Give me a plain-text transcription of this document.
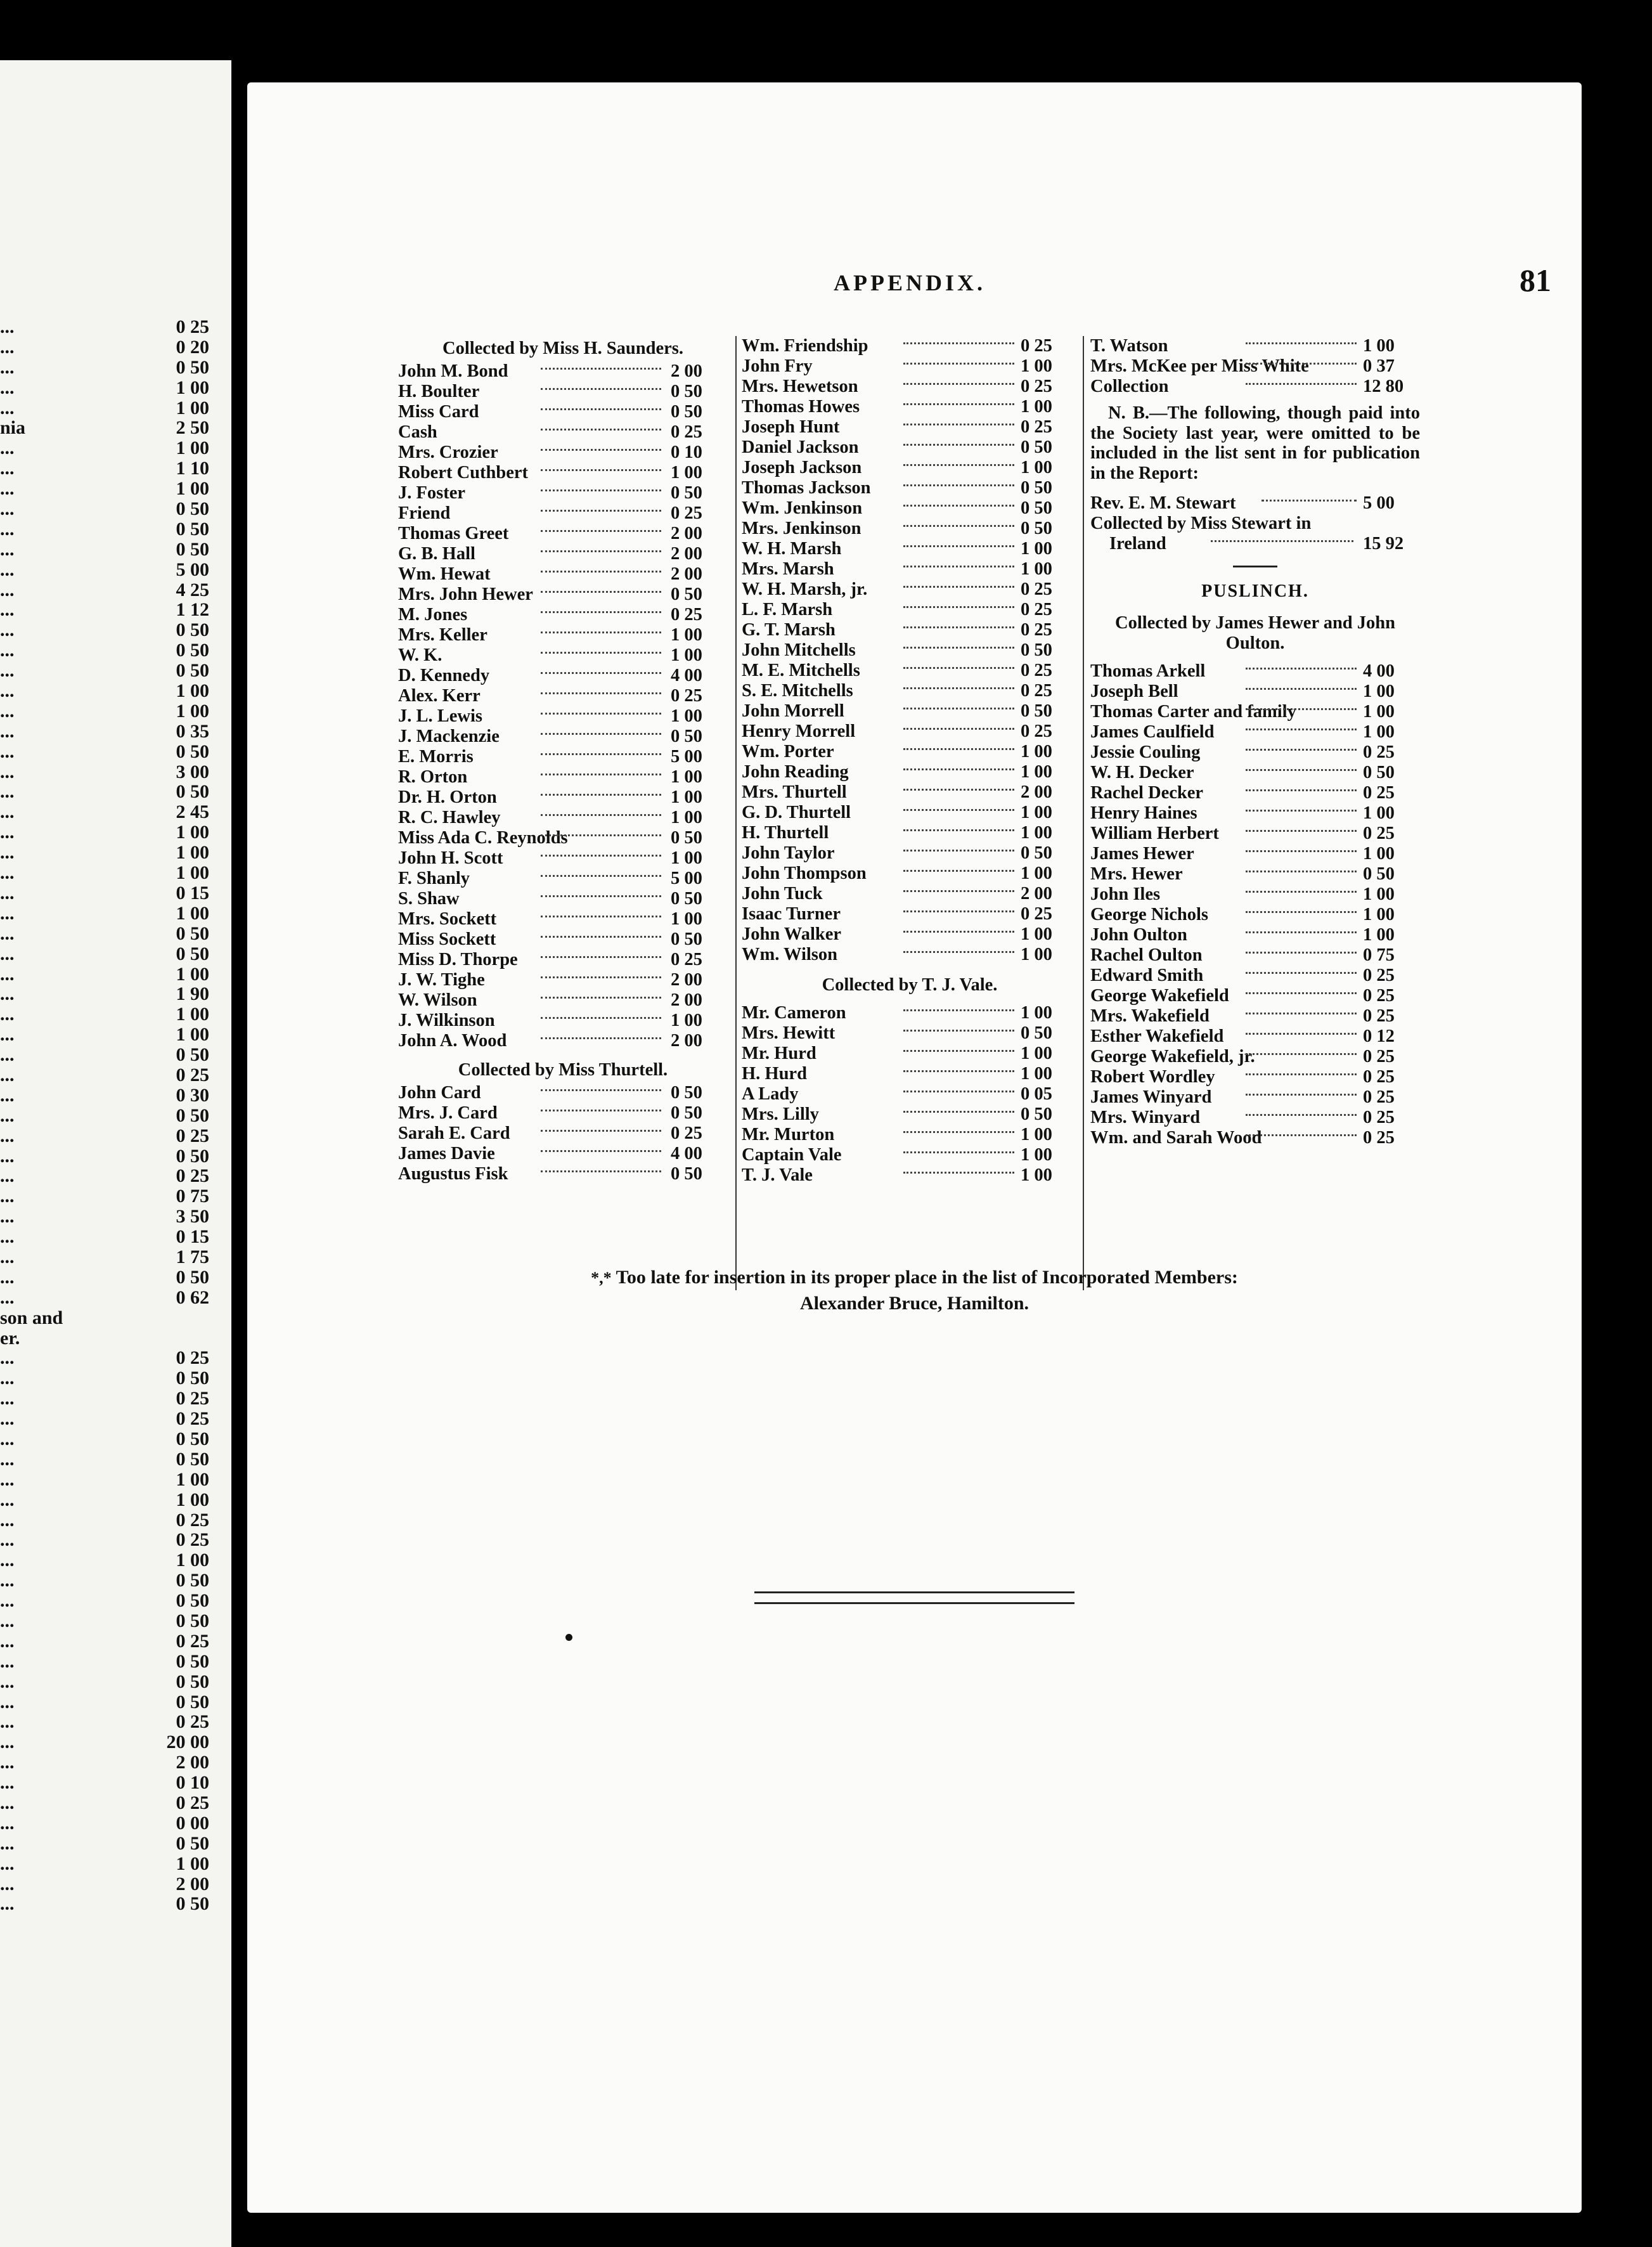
...	0 25
...	0 20
...	0 50
...	1 00
...	1 00
nia	2 50
...	1 00
...	1 10
...	1 00
...	0 50
...	0 50
...	0 50
...	5 00
...	4 25
...	1 12
...	0 50
...	0 50
...	0 50
...	1 00
...	1 00
...	0 35
...	0 50
...	3 00
...	0 50
...	2 45
...	1 00
...	1 00
...	1 00
...	0 15
...	1 00
...	0 50
...	0 50
...	1 00
...	1 90
...	1 00
...	1 00
...	0 50
...	0 25
...	0 30
...	0 50
...	0 25
...	0 50
...	0 25
...	0 75
...	3 50
...	0 15
...	1 75
...	0 50
...	0 62
son and
er.
...	0 25
...	0 50
...	0 25
...	0 25
...	0 50
...	0 50
...	1 00
...	1 00
...	0 25
...	0 25
...	1 00
...	0 50
...	0 50
...	0 50
...	0 25
...	0 50
...	0 50
...	0 50
...	0 25
...	20 00
...	2 00
...	0 10
...	0 25
...	0 00
...	0 50
...	1 00
...	2 00
...	0 50
APPENDIX.	81
Collected by Miss H. Saunders.
John M. Bond	2 00
H. Boulter	0 50
Miss Card	0 50
Cash	0 25
Mrs. Crozier	0 10
Robert Cuthbert	1 00
J. Foster	0 50
Friend	0 25
Thomas Greet	2 00
G. B. Hall	2 00
Wm. Hewat	2 00
Mrs. John Hewer	0 50
M. Jones	0 25
Mrs. Keller	1 00
W. K.	1 00
D. Kennedy	4 00
Alex. Kerr	0 25
J. L. Lewis	1 00
J. Mackenzie	0 50
E. Morris	5 00
R. Orton	1 00
Dr. H. Orton	1 00
R. C. Hawley	1 00
Miss Ada C. Reynolds	0 50
John H. Scott	1 00
F. Shanly	5 00
S. Shaw	0 50
Mrs. Sockett	1 00
Miss Sockett	0 50
Miss D. Thorpe	0 25
J. W. Tighe	2 00
W. Wilson	2 00
J. Wilkinson	1 00
John A. Wood	2 00
Collected by Miss Thurtell.
John Card	0 50
Mrs. J. Card	0 50
Sarah E. Card	0 25
James Davie	4 00
Augustus Fisk	0 50
Wm. Friendship	0 25
John Fry	1 00
Mrs. Hewetson	0 25
Thomas Howes	1 00
Joseph Hunt	0 25
Daniel Jackson	0 50
Joseph Jackson	1 00
Thomas Jackson	0 50
Wm. Jenkinson	0 50
Mrs. Jenkinson	0 50
W. H. Marsh	1 00
Mrs. Marsh	1 00
W. H. Marsh, jr.	0 25
L. F. Marsh	0 25
G. T. Marsh	0 25
John Mitchells	0 50
M. E. Mitchells	0 25
S. E. Mitchells	0 25
John Morrell	0 50
Henry Morrell	0 25
Wm. Porter	1 00
John Reading	1 00
Mrs. Thurtell	2 00
G. D. Thurtell	1 00
H. Thurtell	1 00
John Taylor	0 50
John Thompson	1 00
John Tuck	2 00
Isaac Turner	0 25
John Walker	1 00
Wm. Wilson	1 00
Collected by T. J. Vale.
Mr. Cameron	1 00
Mrs. Hewitt	0 50
Mr. Hurd	1 00
H. Hurd	1 00
A Lady	0 05
Mrs. Lilly	0 50
Mr. Murton	1 00
Captain Vale	1 00
T. J. Vale	1 00
T. Watson	1 00
Mrs. McKee per Miss White	0 37
Collection	12 80

N. B.—The following, though paid into the Society last year, were omitted to be included in the list sent in for publication in the Report:

Rev. E. M. Stewart	5 00
Collected by Miss Stewart in
Ireland	15 92
PUSLINCH.
Collected by James Hewer and John Oulton.
Thomas Arkell	4 00
Joseph Bell	1 00
Thomas Carter and family	1 00
James Caulfield	1 00
Jessie Couling	0 25
W. H. Decker	0 50
Rachel Decker	0 25
Henry Haines	1 00
William Herbert	0 25
James Hewer	1 00
Mrs. Hewer	0 50
John Iles	1 00
George Nichols	1 00
John Oulton	1 00
Rachel Oulton	0 75
Edward Smith	0 25
George Wakefield	0 25
Mrs. Wakefield	0 25
Esther Wakefield	0 12
George Wakefield, jr.	0 25
Robert Wordley	0 25
James Winyard	0 25
Mrs. Winyard	0 25
Wm. and Sarah Wood	0 25
*,* Too late for insertion in its proper place in the list of Incorporated Members:
Alexander Bruce, Hamilton.
